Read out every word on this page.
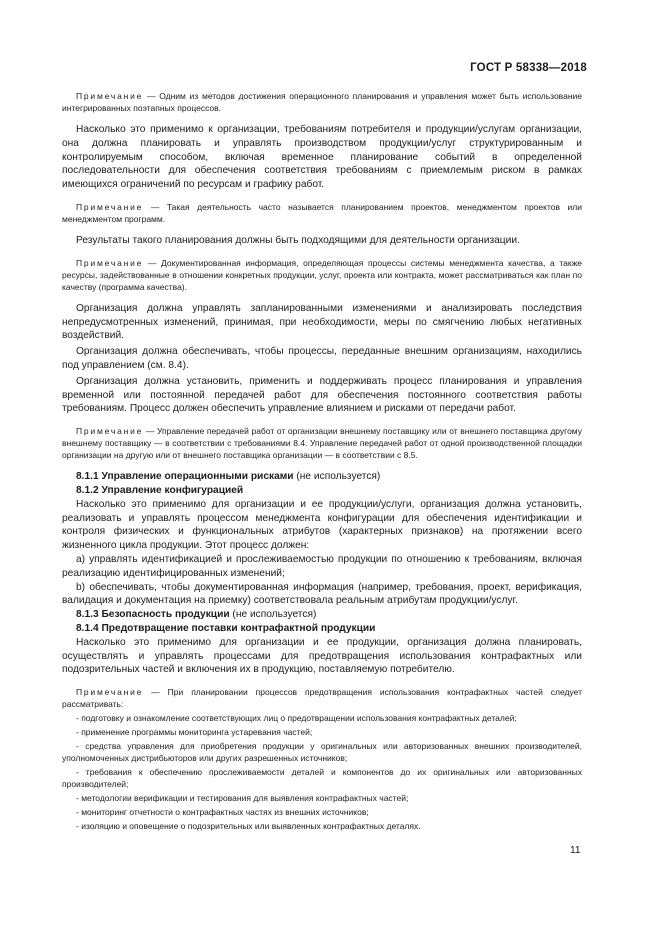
ГОСТ Р 58338—2018

Примечание — Одним из методов достижения операционного планирования и управления может быть использование интегрированных поэтапных процессов.

Насколько это применимо к организации, требованиям потребителя и продукции/услугам организации, она должна планировать и управлять производством продукции/услуг структурированным и контролируемым способом, включая временное планирование событий в определенной последовательности для обеспечения соответствия требованиям с приемлемым риском в рамках имеющихся ограничений по ресурсам и графику работ.

Примечание — Такая деятельность часто называется планированием проектов, менеджментом проектов или менеджментом программ.

Результаты такого планирования должны быть подходящими для деятельности организации.

Примечание — Документированная информация, определяющая процессы системы менеджмента качества, а также ресурсы, задействованные в отношении конкретных продукции, услуг, проекта или контракта, может рассматриваться как план по качеству (программа качества).

Организация должна управлять запланированными изменениями и анализировать последствия непредусмотренных изменений, принимая, при необходимости, меры по смягчению любых негативных воздействий.

Организация должна обеспечивать, чтобы процессы, переданные внешним организациям, находились под управлением (см. 8.4).

Организация должна установить, применить и поддерживать процесс планирования и управления временной или постоянной передачей работ для обеспечения постоянного соответствия работы требованиям. Процесс должен обеспечить управление влиянием и рисками от передачи работ.

Примечание — Управление передачей работ от организации внешнему поставщику или от внешнего поставщика другому внешнему поставщику — в соответствии с требованиями 8.4. Управление передачей работ от одной производственной площадки организации на другую или от внешнего поставщика организации — в соответствии с 8.5.

8.1.1 Управление операционными рисками (не используется)

8.1.2 Управление конфигурацией

Насколько это применимо для организации и ее продукции/услуги, организация должна установить, реализовать и управлять процессом менеджмента конфигурации для обеспечения идентификации и контроля физических и функциональных атрибутов (характерных признаков) на протяжении всего жизненного цикла продукции. Этот процесс должен:

а) управлять идентификацией и прослеживаемостью продукции по отношению к требованиям, включая реализацию идентифицированных изменений;

b) обеспечивать, чтобы документированная информация (например, требования, проект, верификация, валидация и документация на приемку) соответствовала реальным атрибутам продукции/услуг.

8.1.3 Безопасность продукции (не используется)

8.1.4 Предотвращение поставки контрафактной продукции

Насколько это применимо для организации и ее продукции, организация должна планировать, осуществлять и управлять процессами для предотвращения использования контрафактных или подозрительных частей и включения их в продукцию, поставляемую потребителю.

Примечание — При планировании процессов предотвращения использования контрафактных частей следует рассматривать:

- подготовку и ознакомление соответствующих лиц о предотвращении использования контрафактных деталей;

- применение программы мониторинга устаревания частей;

- средства управления для приобретения продукции у оригинальных или авторизованных внешних производителей, уполномоченных дистрибьюторов или других разрешенных источников;

- требования к обеспечению прослеживаемости деталей и компонентов до их оригинальных или авторизованных производителей;

- методологии верификации и тестирования для выявления контрафактных частей;

- мониторинг отчетности о контрафактных частях из внешних источников;

- изоляцию и оповещение о подозрительных или выявленных контрафактных деталях.

11
